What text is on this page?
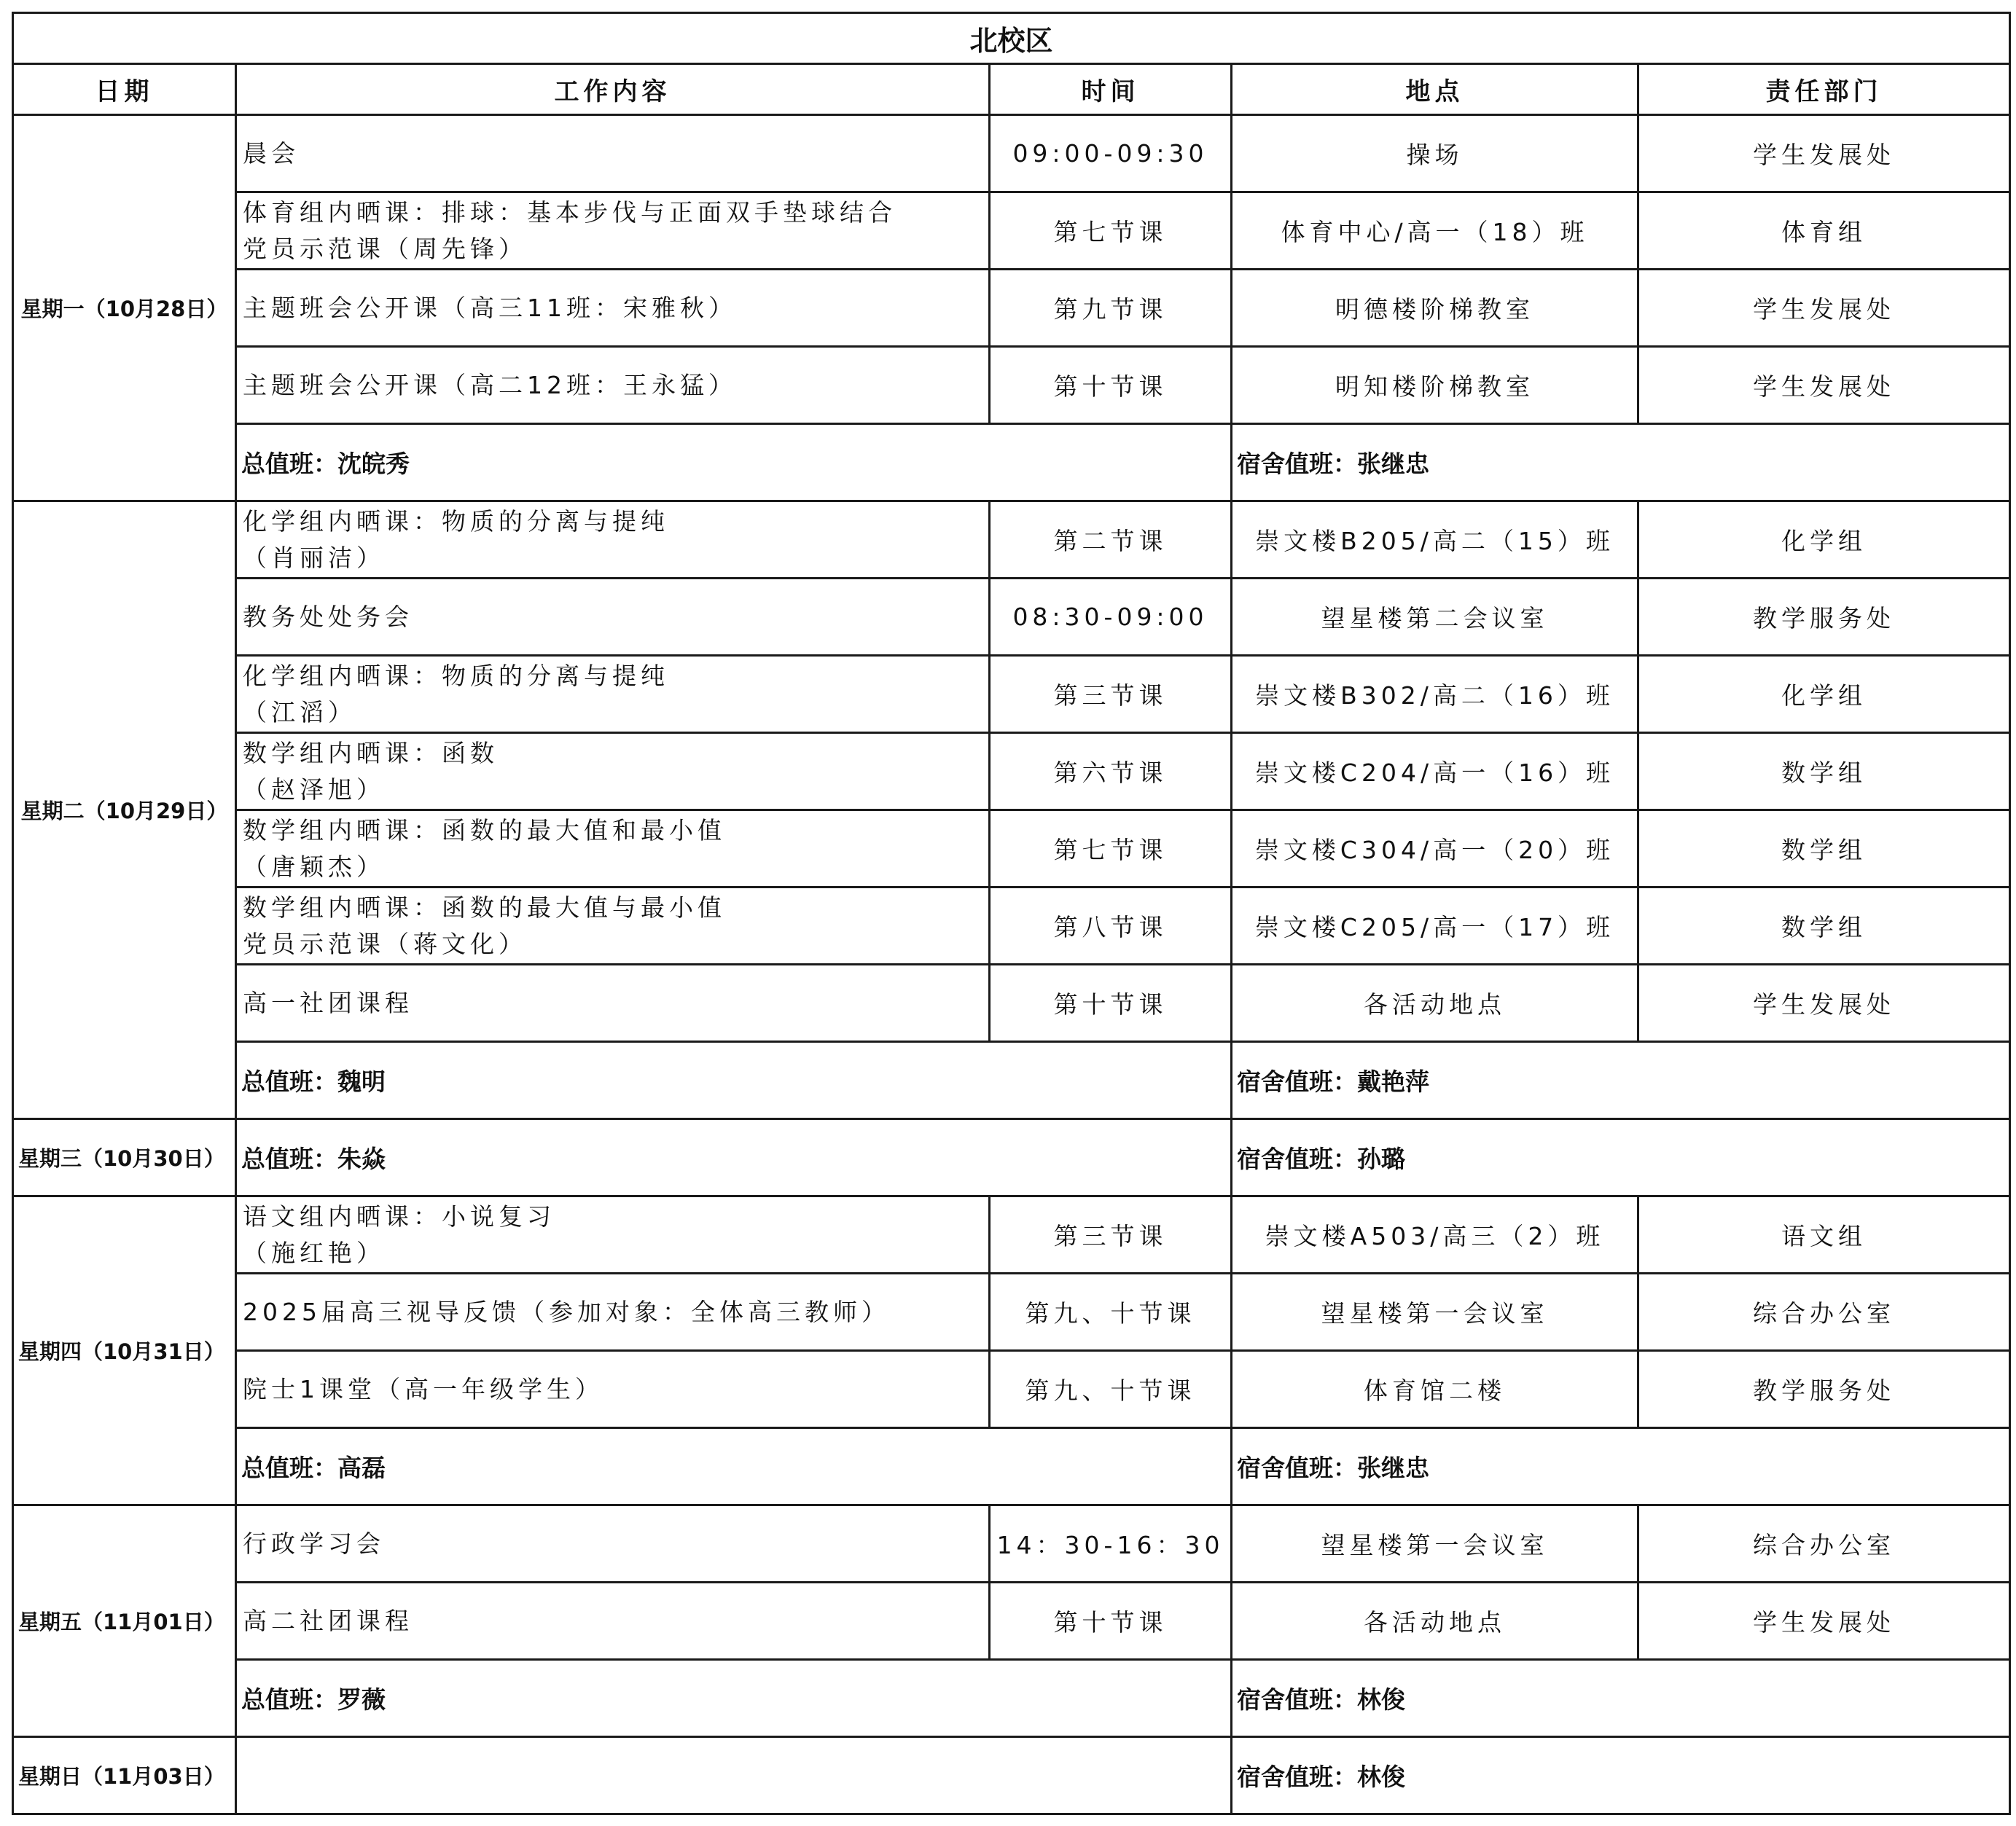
北校区				
日期	工作内容	时间	地点	责任部门
星期一（10月28日）	晨会	09:00-09:30	操场	学生发展处

	体育组内晒课：排球：基本步伐与正面双手垫球结合
党员示范课（周先锋）	第七节课	体育中心/高一（18）班	体育组

	主题班会公开课（高三11班：宋雅秋）	第九节课	明德楼阶梯教室	学生发展处

	主题班会公开课（高二12班：王永猛）	第十节课	明知楼阶梯教室	学生发展处
	总值班：沈皖秀		宿舍值班：张继忠	
星期二（10月29日）	化学组内晒课：物质的分离与提纯
（肖丽洁）	第二节课	崇文楼B205/高二（15）班	化学组

	教务处处务会	08:30-09:00	望星楼第二会议室	教学服务处

	化学组内晒课：物质的分离与提纯
（江滔）	第三节课	崇文楼B302/高二（16）班	化学组

	数学组内晒课：函数
（赵泽旭）	第六节课	崇文楼C204/高一（16）班	数学组

	数学组内晒课：函数的最大值和最小值
（唐颖杰）	第七节课	崇文楼C304/高一（20）班	数学组

	数学组内晒课：函数的最大值与最小值
党员示范课（蒋文化）	第八节课	崇文楼C205/高一（17）班	数学组

	高一社团课程	第十节课	各活动地点	学生发展处
	总值班：魏明		宿舍值班：戴艳萍	
星期三（10月30日）	总值班：朱焱		宿舍值班：孙璐	
星期四（10月31日）	语文组内晒课：小说复习
（施红艳）	第三节课	崇文楼A503/高三（2）班	语文组

	2025届高三视导反馈（参加对象：全体高三教师）	第九、十节课	望星楼第一会议室	综合办公室

	院士1课堂（高一年级学生）	第九、十节课	体育馆二楼	教学服务处
	总值班：高磊		宿舍值班：张继忠	
星期五（11月01日）	行政学习会	14：30-16：30	望星楼第一会议室	综合办公室

	高二社团课程	第十节课	各活动地点	学生发展处
	总值班：罗薇		宿舍值班：林俊	
星期日（11月03日）			宿舍值班：林俊	
